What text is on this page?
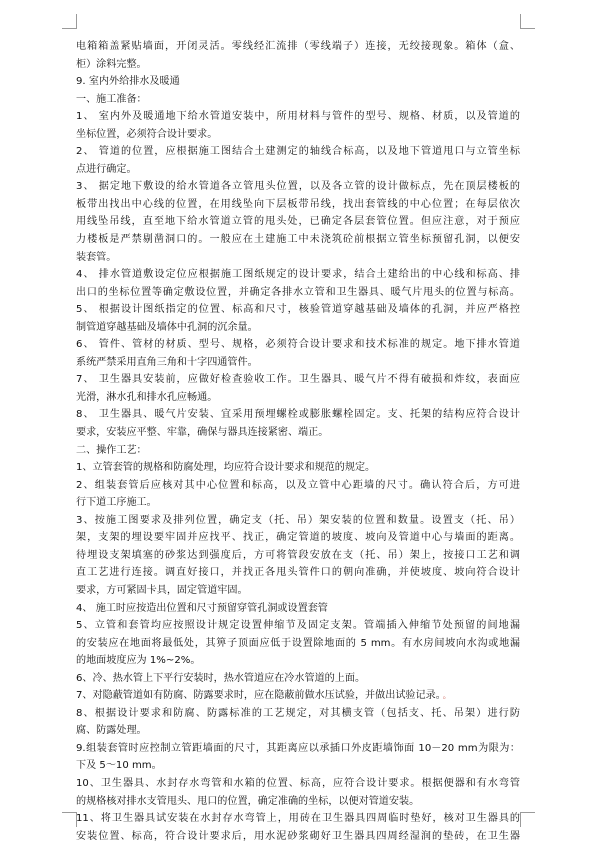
电箱箱盖紧贴墙面，开闭灵活。零线经汇流排（零线端子）连接，无绞接现象。箱体（盒、
柜）涂料完整。
9. 室内外给排水及暖通
一、施工准备：
1、 室内外及暖通地下给水管道安装中，所用材料与管件的型号、规格、材质，以及管道的
坐标位置，必须符合设计要求。
2、 管道的位置，应根据施工图结合土建测定的轴线合标高，以及地下管道甩口与立管坐标
点进行确定。
3、 据定地下敷设的给水管道各立管甩头位置，以及各立管的设计做标点，先在顶层楼板的
板带出找出中心线的位置，在用线坠向下层板带吊线，找出套管线的中心位置；在每层依次
用线坠吊线，直至地下给水管道立管的甩头处，已确定各层套管位置。但应注意，对于预应
力楼板是严禁剔凿洞口的。一般应在土建施工中未浇筑砼前根据立管坐标预留孔洞，以便安
装套管。
4、 排水管道敷设定位应根据施工图纸规定的设计要求，结合土建给出的中心线和标高、排
出口的坐标位置等确定敷设位置，并确定各排水立管和卫生器具、暖气片甩头的位置与标高。
5、 根据设计图纸指定的位置、标高和尺寸，核验管道穿越基础及墙体的孔洞，并应严格控
制管道穿越基础及墙体中孔洞的沉余量。
6、 管件、管材的材质、型号、规格，必须符合设计要求和技术标准的规定。地下排水管道
系统严禁采用直角三角和十字四通管件。
7、 卫生器具安装前，应做好检查验收工作。卫生器具、暖气片不得有破损和炸纹，表面应
光滑，淋水孔和排水孔应畅通。
8、 卫生器具、暖气片安装、宜采用预埋螺栓或膨胀螺栓固定。支、托架的结构应符合设计
要求，安装应平整、牢靠，确保与器具连接紧密、端正。
二、操作工艺：
1、立管套管的规格和防腐处理，均应符合设计要求和规范的规定。
2、组装套管后应核对其中心位置和标高，以及立管中心距墙的尺寸。确认符合后，方可进
行下道工序施工。
3、按施工图要求及排列位置，确定支（托、吊）架安装的位置和数量。设置支（托、吊）
架，支架的埋设要牢固并应找平、找正，确定管道的坡度、坡向及管道中心与墙面的距离。
待埋设支架填塞的砂浆达到强度后，方可将管段安放在支（托、吊）架上，按接口工艺和调
直工艺进行连接。调直好接口，并找正各甩头管件口的朝向准确，并使坡度、坡向符合设计
要求，方可紧固卡具，固定管道牢固。
4、 施工时应按造出位置和尺寸预留穿管孔洞或设置套管
5、立管和套管均应按照设计规定设置伸缩节及固定支架。管端插入伸缩节处预留的间地漏
的安装应在地面将最低处，其箅子顶面应低于设置除地面的 5 mm。有水房间坡向水沟或地漏
的地面坡度应为 1%~2%。
6、冷、热水管上下平行安装时，热水管道应在冷水管道的上面。
7、对隐蔽管道如有防腐、防露要求时，应在隐蔽前做水压试验，并做出试验记录。 。
8、根据设计要求和防腐、防露标准的工艺规定，对其横支管（包括支、托、吊架）进行防
腐、防露处理。
9.组装套管时应控制立管距墙面的尺寸，其距离应以承插口外皮距墙饰面 10－20 mm为限为：
下及 5～10 mm。
10、卫生器具、水封存水弯管和水箱的位置、标高，应符合设计要求。根据便器和有水弯管
的规格核对排水支管甩头、甩口的位置，确定准确的坐标，以便对管道安装。
11、将卫生器具试安装在水封存水弯管上，用砖在卫生器具四周临时垫好，核对卫生器具的
安装位置、标高，符合设计要求后，用水泥砂浆砌好卫生器具四周经湿润的垫砖，在卫生器
